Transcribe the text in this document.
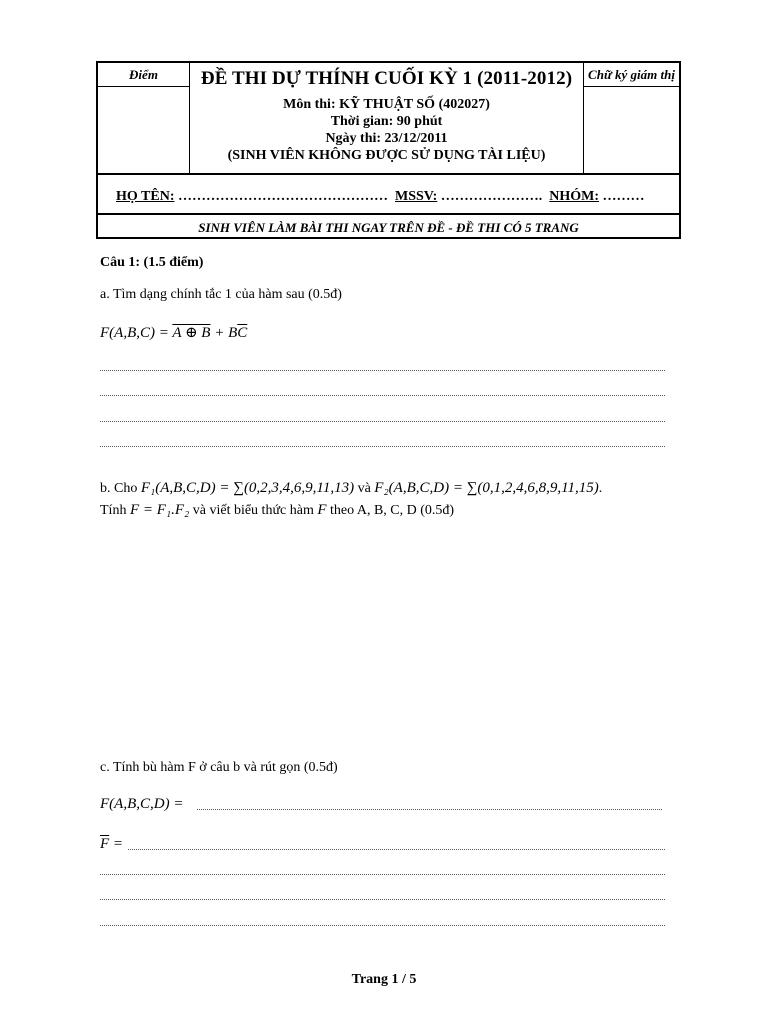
Điểm	ĐỀ THI DỰ THÍNH CUỐI KỲ 1 (2011-2012)
Môn thi: KỸ THUẬT SỐ (402027)
Thời gian: 90 phút
Ngày thi: 23/12/2011
(SINH VIÊN KHÔNG ĐƯỢC SỬ DỤNG TÀI LIỆU)
Chữ ký giám thị
HỌ TÊN: ……………………………………… MSSV: …………………. NHÓM: ………
SINH VIÊN LÀM BÀI THI NGAY TRÊN ĐỀ - ĐỀ THI CÓ 5 TRANG
Câu 1: (1.5 điểm)
a. Tìm dạng chính tắc 1 của hàm sau (0.5đ)
F(A,B,C) = A ⊕ $B + B\overline{C}$
b. Cho F₁(A,B,C,D) = ∑(0,2,3,4,6,9,11,13) và F₂(A,B,C,D) = ∑(0,1,2,4,6,8,9,11,15).
Tính F = F₁.F₂ và viết biểu thức hàm F theo A, B, C, D (0.5đ)
c. Tính bù hàm F ở câu b và rút gọn (0.5đ)
F(A,B,C,D) =
$\overline{F}$ =
Trang 1 / 5
